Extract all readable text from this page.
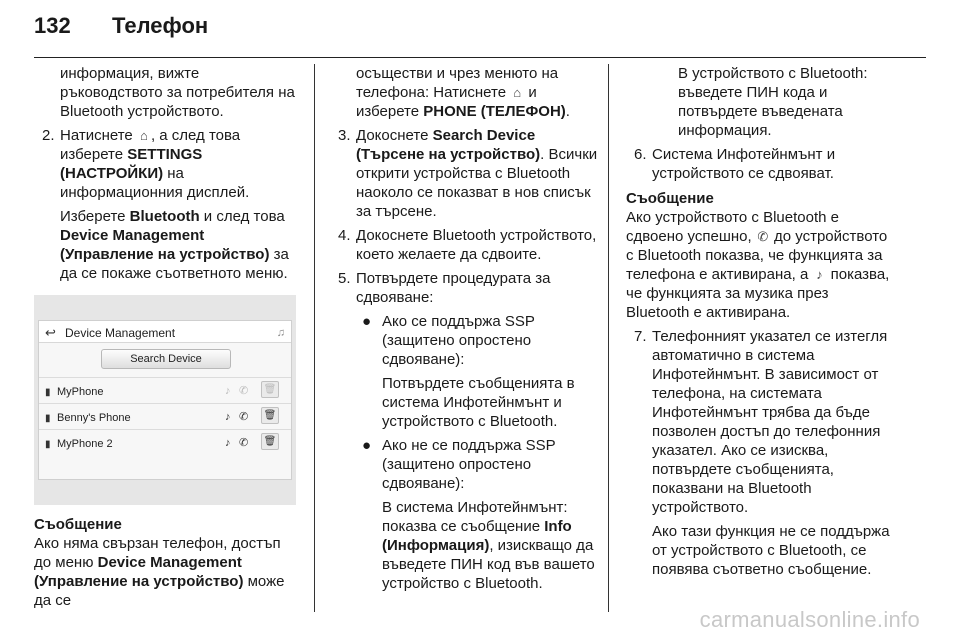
132 Телефон

информация, вижте ръководството за потребителя на Bluetooth устройството.

2. Натиснете ⌂ , а след това изберете SETTINGS (НАСТРОЙКИ) на информационния дисплей.

Изберете Bluetooth и след това Device Management (Управление на устройство) за да се покаже съответното меню.

↩ Device Management	♫
Search Device
▮ MyPhone	♪ ✆ 🗑
▮ Benny's Phone	♪ ✆ 🗑
▮ MyPhone 2	♪ ✆ 🗑

Съобщение

Ако няма свързан телефон, достъп до меню Device Management (Управление на устройство) може да се

осъществи и чрез менюто на телефона: Натиснете ⌂ и изберете PHONE (ТЕЛЕФОН).

3. Докоснете Search Device (Търсене на устройство). Всички открити устройства с Bluetooth наоколо се показват в нов списък за търсене.
4. Докоснете Bluetooth устройството, което желаете да сдвоите.
5. Потвърдете процедурата за сдвояване:
● Ако се поддържа SSP (защитено опростено сдвояване):

Потвърдете съобщенията в система Инфотейнмънт и устройството с Bluetooth.

● Ако не се поддържа SSP (защитено опростено сдвояване):

В система Инфотейнмънт: показва се съобщение Info (Информация), изискващо да въведете ПИН код във вашето устройство с Bluetooth.

В устройството с Bluetooth: въведете ПИН кода и потвърдете въведената информация.

6. Система Инфотейнмънт и устройството се сдвояват.

Съобщение

Ако устройството с Bluetooth е сдвоено успешно, ✆ до устройството с Bluetooth показва, че функцията за телефона е активирана, а ♪ показва, че функцията за музика през Bluetooth е активирана.

7. Телефонният указател се изтегля автоматично в система Инфотейнмънт. В зависимост от телефона, на системата Инфотейнмънт трябва да бъде позволен достъп до телефонния указател. Ако се изисква, потвърдете съобщенията, показвани на Bluetooth устройството.

Ако тази функция не се поддържа от устройството с Bluetooth, се появява съответно съобщение.

carmanualsonline.info
